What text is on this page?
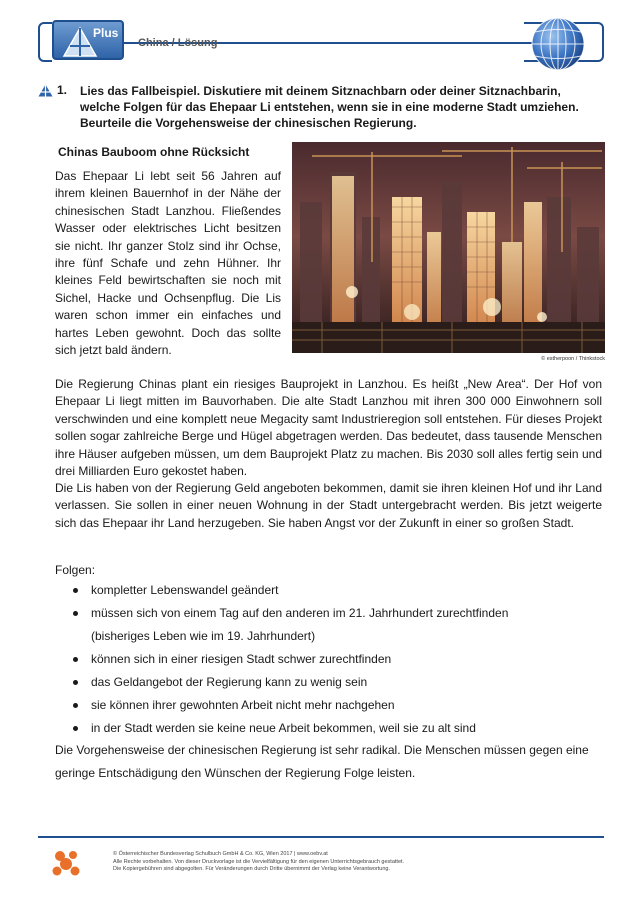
Plus
China / Lösung
1. Lies das Fallbeispiel. Diskutiere mit deinem Sitznachbarn oder deiner Sitznachbarin, welche Folgen für das Ehepaar Li entstehen, wenn sie in eine moderne Stadt umziehen. Beurteile die Vorgehensweise der chinesischen Regierung.
Chinas Bauboom ohne Rücksicht
© estherpoon / Thinkstock

Das Ehepaar Li lebt seit 56 Jahren auf ihrem kleinen Bauernhof in der Nähe der chinesischen Stadt Lanzhou. Fließendes Wasser oder elektrisches Licht besitzen sie nicht. Ihr ganzer Stolz sind ihr Ochse, ihre fünf Schafe und zehn Hühner. Ihr kleines Feld bewirtschaften sie noch mit Sichel, Hacke und Ochsenpflug. Die Lis waren schon immer ein einfaches und hartes Leben gewohnt. Doch das sollte sich jetzt bald ändern.

Die Regierung Chinas plant ein riesiges Bauprojekt in Lanzhou. Es heißt „New Area“. Der Hof von Ehepaar Li liegt mitten im Bauvorhaben. Die alte Stadt Lanzhou mit ihren 300 000 Einwohnern soll verschwinden und eine komplett neue Megacity samt Industrieregion soll entstehen. Für dieses Projekt sollen sogar zahlreiche Berge und Hügel abgetragen werden. Das bedeutet, dass tausende Menschen ihre Häuser aufgeben müssen, um dem Bauprojekt Platz zu machen. Bis 2030 soll alles fertig sein und drei Milliarden Euro gekostet haben.

Die Lis haben von der Regierung Geld angeboten bekommen, damit sie ihren kleinen Hof und ihr Land verlassen. Sie sollen in einer neuen Wohnung in der Stadt untergebracht werden. Bis jetzt weigerte sich das Ehepaar ihr Land herzugeben. Sie haben Angst vor der Zukunft in einer so großen Stadt.

Folgen:
kompletter Lebenswandel geändert
müssen sich von einem Tag auf den anderen im 21. Jahrhundert zurechtfinden
(bisheriges Leben wie im 19. Jahrhundert)
können sich in einer riesigen Stadt schwer zurechtfinden
das Geldangebot der Regierung kann zu wenig sein
sie können ihrer gewohnten Arbeit nicht mehr nachgehen
in der Stadt werden sie keine neue Arbeit bekommen, weil sie zu alt sind

Die Vorgehensweise der chinesischen Regierung ist sehr radikal. Die Menschen müssen gegen eine geringe Entschädigung den Wünschen der Regierung Folge leisten.

© Österreichischer Bundesverlag Schulbuch GmbH & Co. KG, Wien 2017 | www.oebv.at
Alle Rechte vorbehalten. Von dieser Druckvorlage ist die Vervielfältigung für den eigenen Unterrichtsgebrauch gestattet.
Die Kopiergebühren sind abgegolten. Für Veränderungen durch Dritte übernimmt der Verlag keine Verantwortung.
